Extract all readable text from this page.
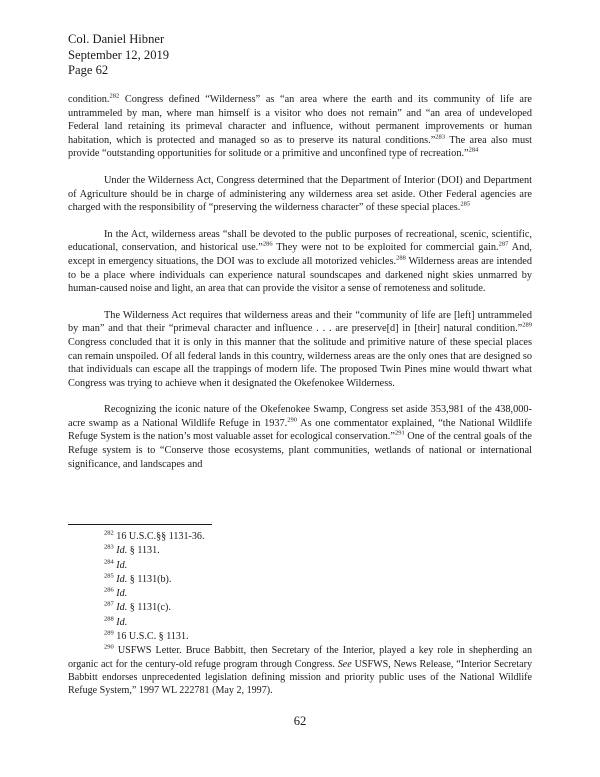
Col. Daniel Hibner
September 12, 2019
Page 62

condition.$^{282}$ Congress defined “Wilderness” as “an area where the earth and its community of life are untrammeled by man, where man himself is a visitor who does not remain” and “an area of undeveloped Federal land retaining its primeval character and influence, without permanent improvements or human habitation, which is protected and managed so as to preserve its natural conditions.”$^{283}$ The area also must provide “outstanding opportunities for solitude or a primitive and unconfined type of recreation.”$^{284}$

Under the Wilderness Act, Congress determined that the Department of Interior (DOI) and Department of Agriculture should be in charge of administering any wilderness area set aside. Other Federal agencies are charged with the responsibility of “preserving the wilderness character” of these special places.$^{285}$

In the Act, wilderness areas “shall be devoted to the public purposes of recreational, scenic, scientific, educational, conservation, and historical use.”$^{286}$ They were not to be exploited for commercial gain.$^{287}$ And, except in emergency situations, the DOI was to exclude all motorized vehicles.$^{288}$ Wilderness areas are intended to be a place where individuals can experience natural soundscapes and darkened night skies unmarred by human-caused noise and light, an area that can provide the visitor a sense of remoteness and solitude.

The Wilderness Act requires that wilderness areas and their “community of life are [left] untrammeled by man” and that their “primeval character and influence . . . are preserve[d] in [their] natural condition.”$^{289}$ Congress concluded that it is only in this manner that the solitude and primitive nature of these special places can remain unspoiled. Of all federal lands in this country, wilderness areas are the only ones that are designed so that individuals can escape all the trappings of modern life. The proposed Twin Pines mine would thwart what Congress was trying to achieve when it designated the Okefenokee Wilderness.

Recognizing the iconic nature of the Okefenokee Swamp, Congress set aside 353,981 of the 438,000-acre swamp as a National Wildlife Refuge in 1937.$^{290}$ As one commentator explained, “the National Wildlife Refuge System is the nation’s most valuable asset for ecological conservation.”$^{291}$ One of the central goals of the Refuge system is to “Conserve those ecosystems, plant communities, wetlands of national or international significance, and landscapes and

$^{282}$ 16 U.S.C.§§ 1131-36.
$^{283}$ Id. § 1131.
$^{284}$ Id.
$^{285}$ Id. § 1131(b).
$^{286}$ Id.
$^{287}$ Id. § 1131(c).
$^{288}$ Id.
$^{289}$ 16 U.S.C. § 1131.
$^{290}$ USFWS Letter. Bruce Babbitt, then Secretary of the Interior, played a key role in shepherding an organic act for the century-old refuge program through Congress. See USFWS, News Release, “Interior Secretary Babbitt endorses unprecedented legislation defining mission and priority public uses of the National Wildlife Refuge System,” 1997 WL 222781 (May 2, 1997).
62
